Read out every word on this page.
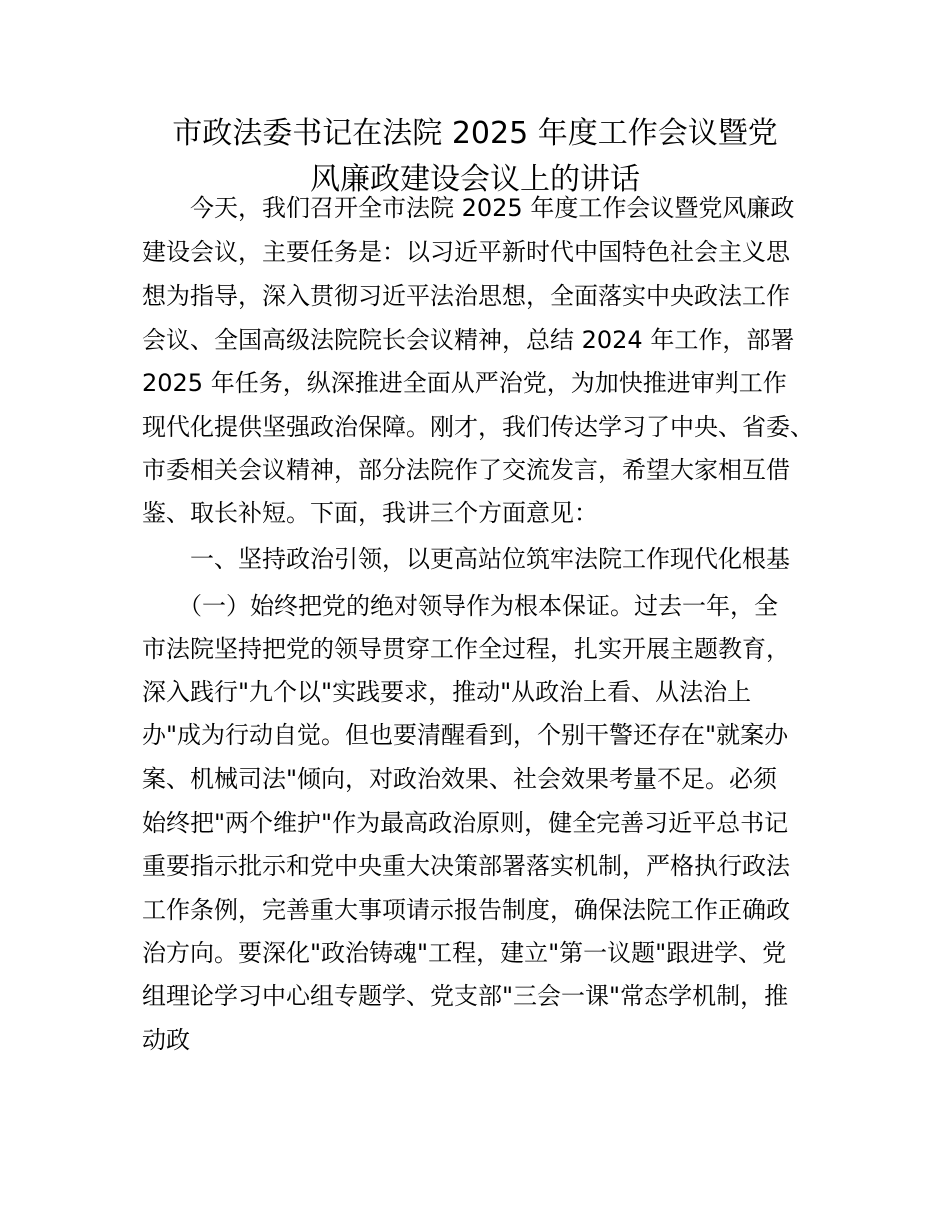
市政法委书记在法院 2025 年度工作会议暨党
风廉政建设会议上的讲话

今天，我们召开全市法院 2025 年度工作会议暨党风廉政

建设会议，主要任务是：以习近平新时代中国特色社会主义思

想为指导，深入贯彻习近平法治思想，全面落实中央政法工作

会议、全国高级法院院长会议精神，总结 2024 年工作，部署

2025 年任务，纵深推进全面从严治党，为加快推进审判工作

现代化提供坚强政治保障。刚才，我们传达学习了中央、省委、

市委相关会议精神，部分法院作了交流发言，希望大家相互借

鉴、取长补短。下面，我讲三个方面意见：

一、坚持政治引领，以更高站位筑牢法院工作现代化根基

（一）始终把党的绝对领导作为根本保证。过去一年，全

市法院坚持把党的领导贯穿工作全过程，扎实开展主题教育，

深入践行"九个以"实践要求，推动"从政治上看、从法治上

办"成为行动自觉。但也要清醒看到，个别干警还存在"就案办

案、机械司法"倾向，对政治效果、社会效果考量不足。必须

始终把"两个维护"作为最高政治原则，健全完善习近平总书记

重要指示批示和党中央重大决策部署落实机制，严格执行政法

工作条例，完善重大事项请示报告制度，确保法院工作正确政

治方向。要深化"政治铸魂"工程，建立"第一议题"跟进学、党

组理论学习中心组专题学、党支部"三会一课"常态学机制，推

动政
